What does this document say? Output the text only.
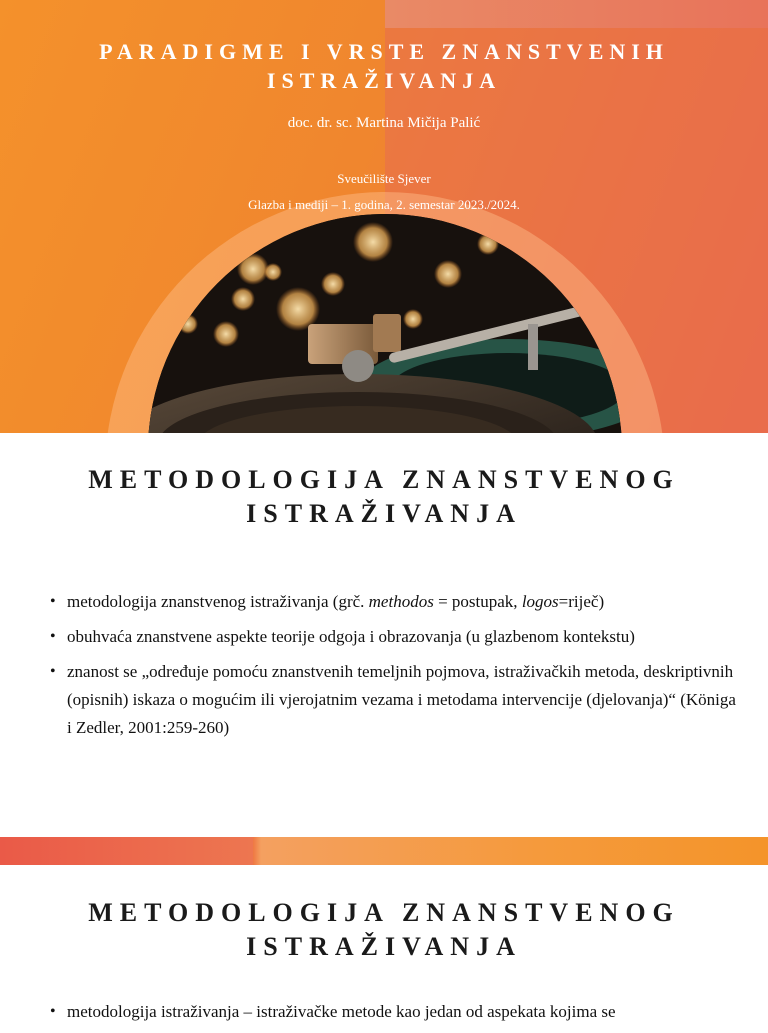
PARADIGME I VRSTE ZNANSTVENIH ISTRAŽIVANJA
doc. dr. sc. Martina Mičija Palić
Sveučilište Sjever
Glazba i mediji – 1. godina, 2. semestar 2023./2024.
METODOLOGIJA ZNANSTVENOG ISTRAŽIVANJA
• metodologija znanstvenog istraživanja (grč. methodos = postupak, logos=riječ)
• obuhvaća znanstvene aspekte teorije odgoja i obrazovanja (u glazbenom kontekstu)
• znanost se „određuje pomoću znanstvenih temeljnih pojmova, istraživačkih metoda, deskriptivnih (opisnih) iskaza o mogućim ili vjerojatnim vezama i metodama intervencije (djelovanja)“ (Königa i Zedler, 2001:259-260)
METODOLOGIJA ZNANSTVENOG ISTRAŽIVANJA
• metodologija istraživanja – istraživačke metode kao jedan od aspekata kojima se
